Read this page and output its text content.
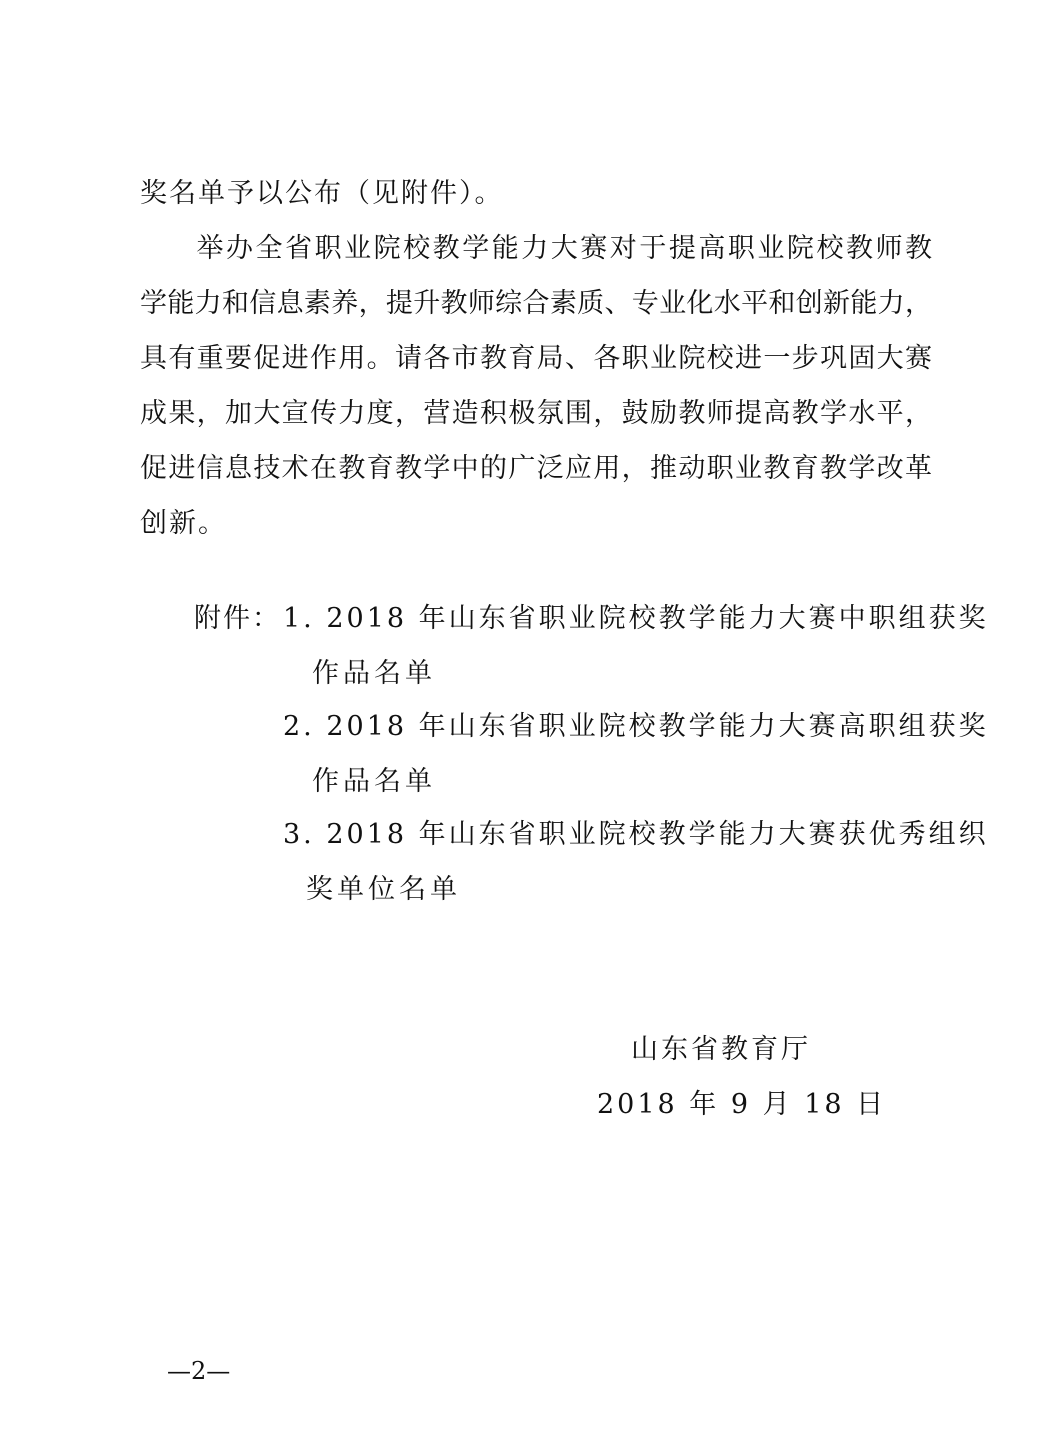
奖名单予以公布（见附件）。
举办全省职业院校教学能力大赛对于提高职业院校教师教
学能力和信息素养，提升教师综合素质、专业化水平和创新能力，
具有重要促进作用。请各市教育局、各职业院校进一步巩固大赛
成果，加大宣传力度，营造积极氛围，鼓励教师提高教学水平，
促进信息技术在教育教学中的广泛应用，推动职业教育教学改革
创新。
附件： 1. 2018 年山东省职业院校教学能力大赛中职组获奖
作品名单
2. 2018 年山东省职业院校教学能力大赛高职组获奖
作品名单
3. 2018 年山东省职业院校教学能力大赛获优秀组织
奖单位名单
山东省教育厅
2018 年 9 月 18 日
—2—
